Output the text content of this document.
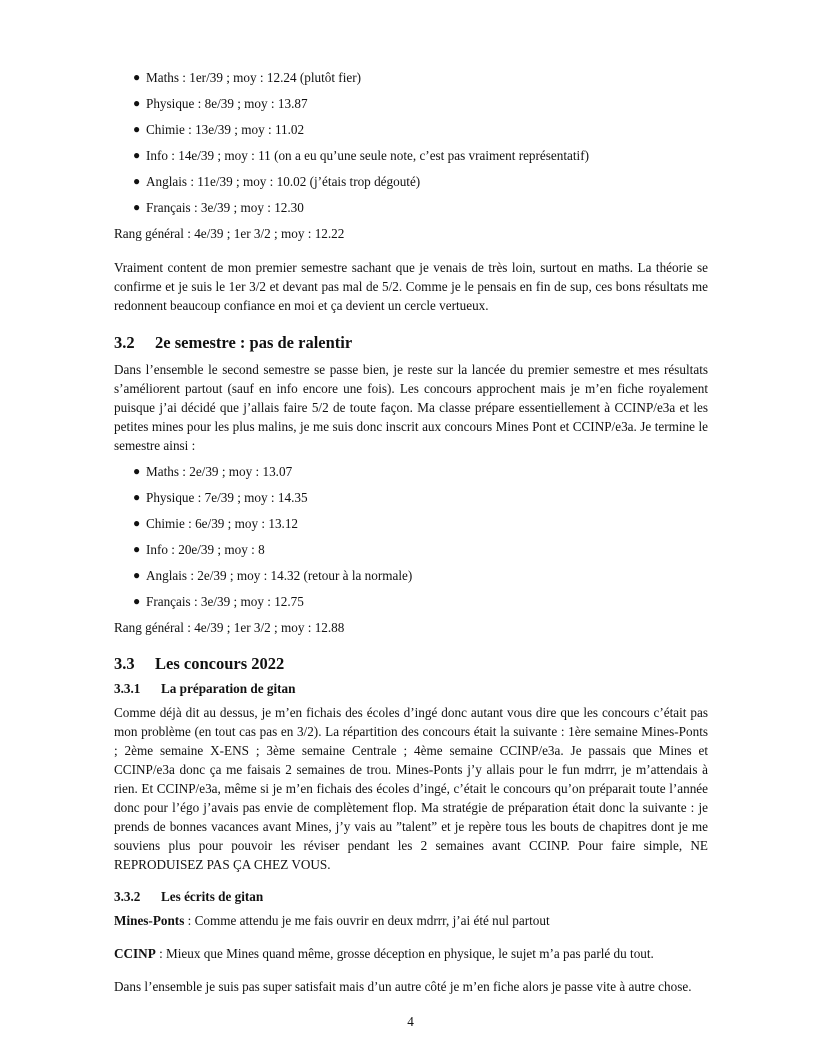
● Maths : 1er/39 ; moy : 12.24 (plutôt fier)
● Physique : 8e/39 ; moy : 13.87
● Chimie : 13e/39 ; moy : 11.02
● Info : 14e/39 ; moy : 11 (on a eu qu’une seule note, c’est pas vraiment représentatif)
● Anglais : 11e/39 ; moy : 10.02 (j’étais trop dégouté)
● Français : 3e/39 ; moy : 12.30

Rang général : 4e/39 ; 1er 3/2 ; moy : 12.22

Vraiment content de mon premier semestre sachant que je venais de très loin, surtout en maths. La théorie se confirme et je suis le 1er 3/2 et devant pas mal de 5/2. Comme je le pensais en fin de sup, ces bons résultats me redonnent beaucoup confiance en moi et ça devient un cercle vertueux.

3.2 2e semestre : pas de ralentir

Dans l’ensemble le second semestre se passe bien, je reste sur la lancée du premier semestre et mes résultats s’améliorent partout (sauf en info encore une fois). Les concours approchent mais je m’en fiche royalement puisque j’ai décidé que j’allais faire 5/2 de toute façon. Ma classe prépare essentiellement à CCINP/e3a et les petites mines pour les plus malins, je me suis donc inscrit aux concours Mines Pont et CCINP/e3a. Je termine le semestre ainsi :

● Maths : 2e/39 ; moy : 13.07
● Physique : 7e/39 ; moy : 14.35
● Chimie : 6e/39 ; moy : 13.12
● Info : 20e/39 ; moy : 8
● Anglais : 2e/39 ; moy : 14.32 (retour à la normale)
● Français : 3e/39 ; moy : 12.75

Rang général : 4e/39 ; 1er 3/2 ; moy : 12.88

3.3 Les concours 2022
3.3.1 La préparation de gitan

Comme déjà dit au dessus, je m’en fichais des écoles d’ingé donc autant vous dire que les concours c’était pas mon problème (en tout cas pas en 3/2). La répartition des concours était la suivante : 1ère semaine Mines-Ponts ; 2ème semaine X-ENS ; 3ème semaine Centrale ; 4ème semaine CCINP/e3a. Je passais que Mines et CCINP/e3a donc ça me faisais 2 semaines de trou. Mines-Ponts j’y allais pour le fun mdrrr, je m’attendais à rien. Et CCINP/e3a, même si je m’en fichais des écoles d’ingé, c’était le concours qu’on préparait toute l’année donc pour l’égo j’avais pas envie de complètement flop. Ma stratégie de préparation était donc la suivante : je prends de bonnes vacances avant Mines, j’y vais au ”talent” et je repère tous les bouts de chapitres dont je me souviens plus pour pouvoir les réviser pendant les 2 semaines avant CCINP. Pour faire simple, NE REPRODUISEZ PAS ÇA CHEZ VOUS.

3.3.2 Les écrits de gitan

Mines-Ponts : Comme attendu je me fais ouvrir en deux mdrrr, j’ai été nul partout

CCINP : Mieux que Mines quand même, grosse déception en physique, le sujet m’a pas parlé du tout.

Dans l’ensemble je suis pas super satisfait mais d’un autre côté je m’en fiche alors je passe vite à autre chose.

4
